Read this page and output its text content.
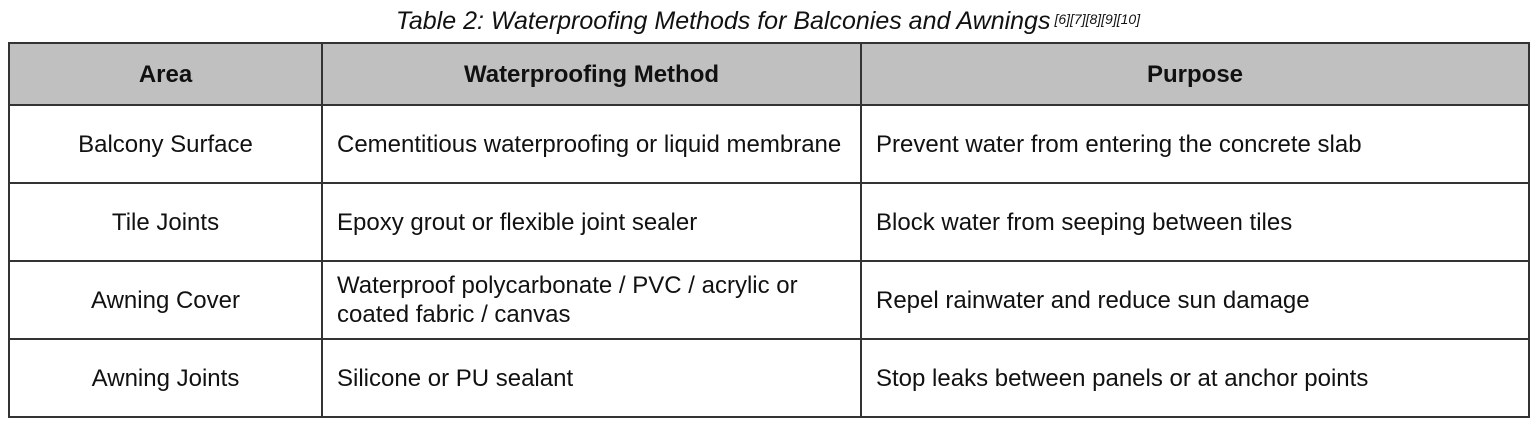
Table 2: Waterproofing Methods for Balconies and Awnings [6][7][8][9][10]
Area	Waterproofing Method	Purpose
Balcony Surface	Cementitious waterproofing or liquid membrane	Prevent water from entering the concrete slab
Tile Joints	Epoxy grout or flexible joint sealer	Block water from seeping between tiles
Awning Cover	Waterproof polycarbonate / PVC / acrylic or coated fabric / canvas	Repel rainwater and reduce sun damage
Awning Joints	Silicone or PU sealant	Stop leaks between panels or at anchor points
